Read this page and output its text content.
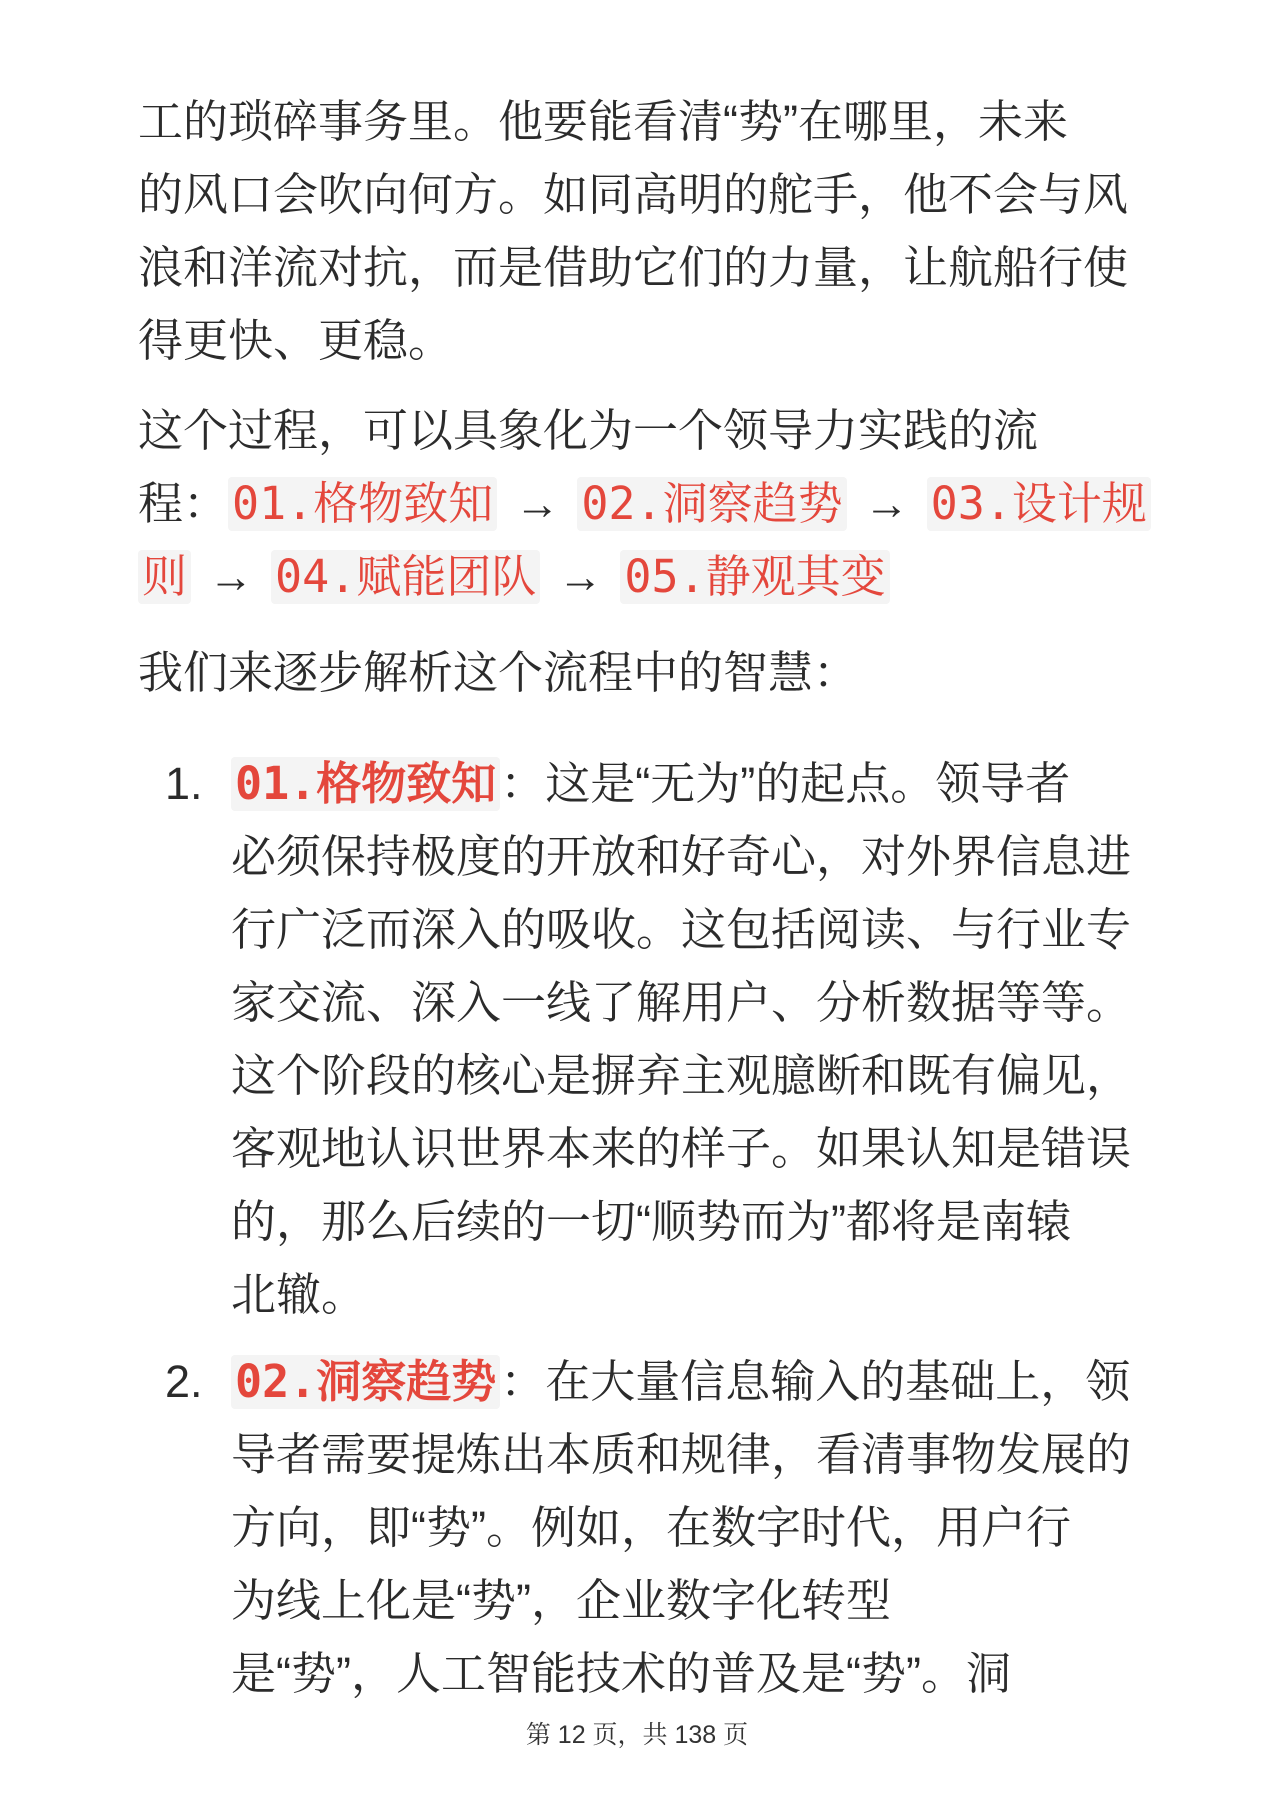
工的琐碎事务里。他要能看清“势”在哪里，未来
的风口会吹向何方。如同高明的舵手，他不会与风
浪和洋流对抗，而是借助它们的力量，让航船行使
得更快、更稳。
这个过程，可以具象化为一个领导力实践的流
程：01.格物致知 → 02.洞察趋势 → 03.设计规
则 → 04.赋能团队 → 05.静观其变
我们来逐步解析这个流程中的智慧：
1. 01.格物致知：这是“无为”的起点。领导者
必须保持极度的开放和好奇心，对外界信息进
行广泛而深入的吸收。这包括阅读、与行业专
家交流、深入一线了解用户、分析数据等等。
这个阶段的核心是摒弃主观臆断和既有偏见，
客观地认识世界本来的样子。如果认知是错误
的，那么后续的一切“顺势而为”都将是南辕
北辙。
2. 02.洞察趋势：在大量信息输入的基础上，领
导者需要提炼出本质和规律，看清事物发展的
方向，即“势”。例如，在数字时代，用户行
为线上化是“势”，企业数字化转型
是“势”，人工智能技术的普及是“势”。洞
第 12 页，共 138 页
